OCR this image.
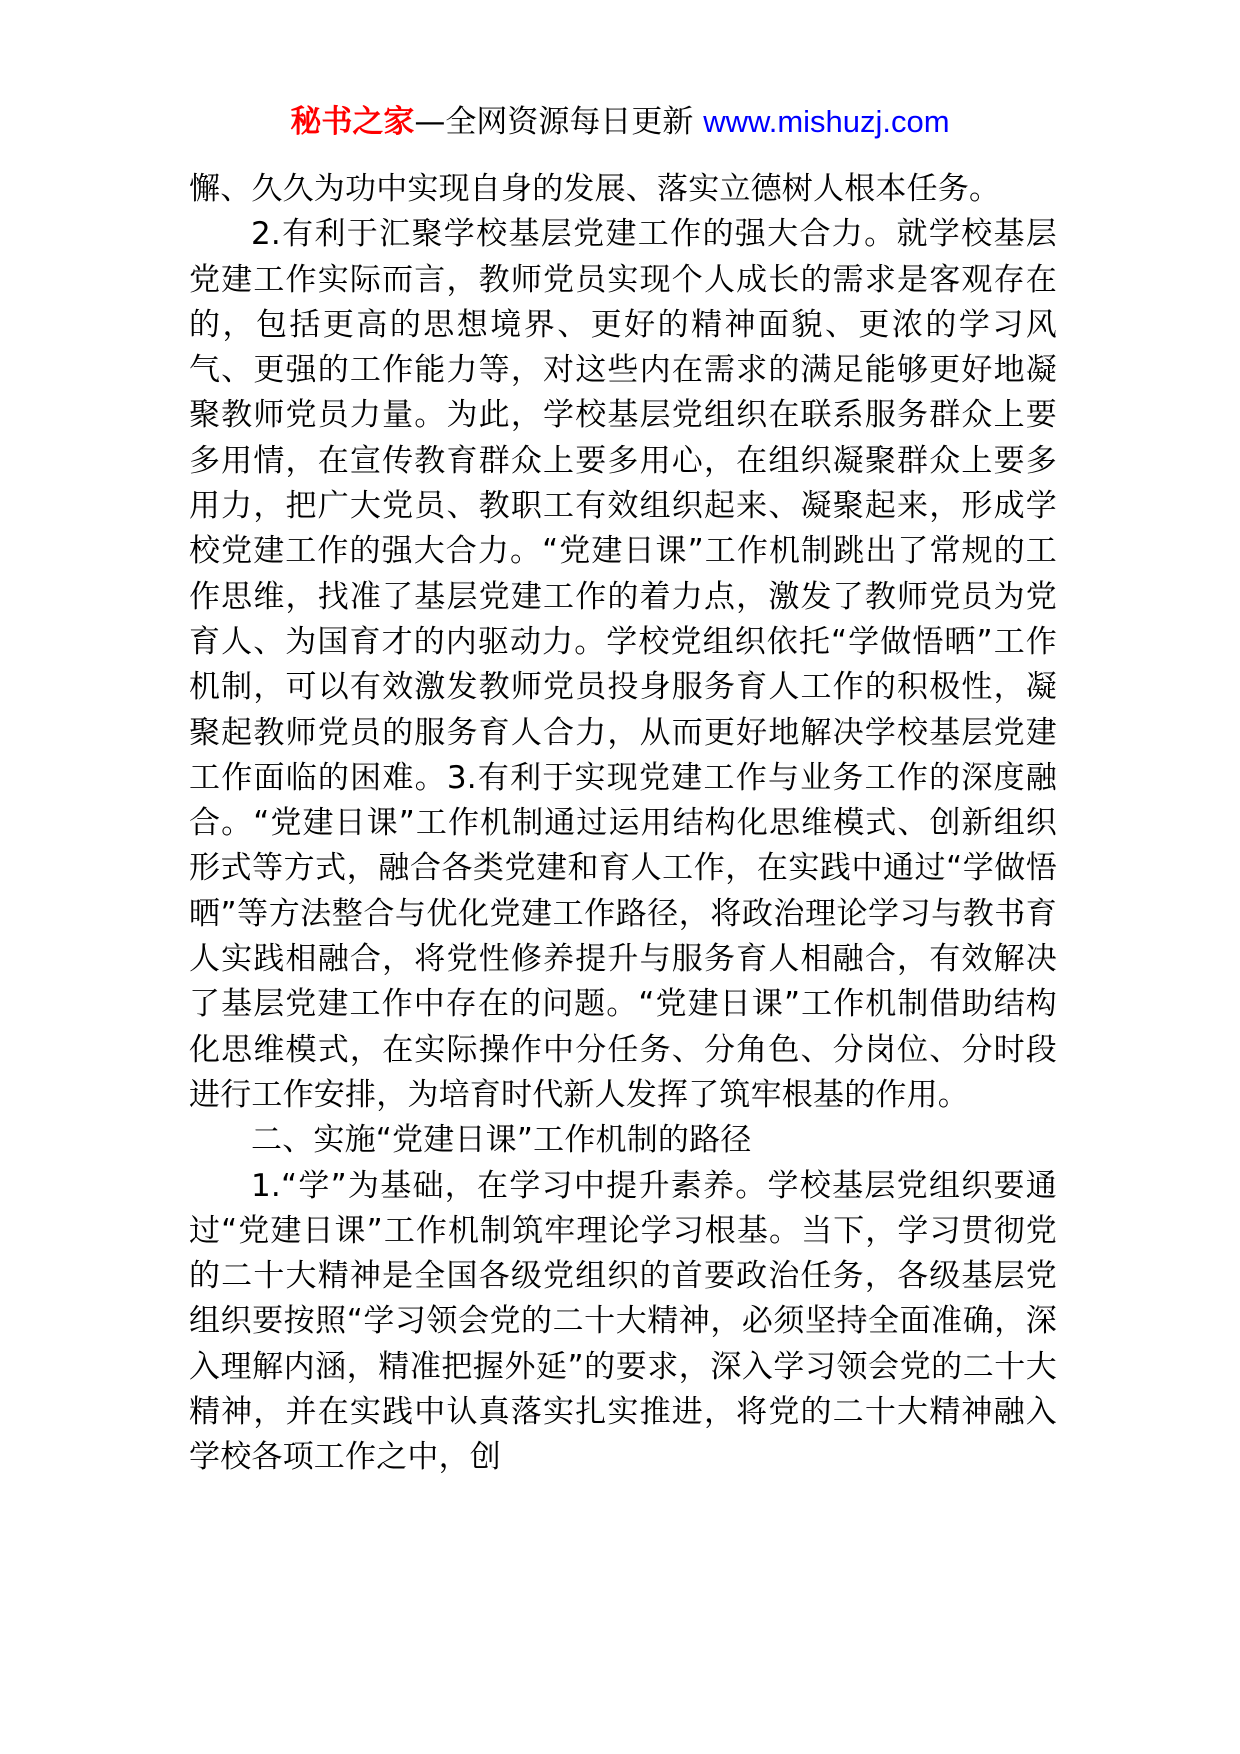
秘书之家—全网资源每日更新 www.mishuzj.com

懈、久久为功中实现自身的发展、落实立德树人根本任务。

2.有利于汇聚学校基层党建工作的强大合力。就学校基层党建工作实际而言，教师党员实现个人成长的需求是客观存在的，包括更高的思想境界、更好的精神面貌、更浓的学习风气、更强的工作能力等，对这些内在需求的满足能够更好地凝聚教师党员力量。为此，学校基层党组织在联系服务群众上要多用情，在宣传教育群众上要多用心，在组织凝聚群众上要多用力，把广大党员、教职工有效组织起来、凝聚起来，形成学校党建工作的强大合力。“党建日课”工作机制跳出了常规的工作思维，找准了基层党建工作的着力点，激发了教师党员为党育人、为国育才的内驱动力。学校党组织依托“学做悟晒”工作机制，可以有效激发教师党员投身服务育人工作的积极性，凝聚起教师党员的服务育人合力，从而更好地解决学校基层党建工作面临的困难。3.有利于实现党建工作与业务工作的深度融合。“党建日课”工作机制通过运用结构化思维模式、创新组织形式等方式，融合各类党建和育人工作，在实践中通过“学做悟晒”等方法整合与优化党建工作路径，将政治理论学习与教书育人实践相融合，将党性修养提升与服务育人相融合，有效解决了基层党建工作中存在的问题。“党建日课”工作机制借助结构化思维模式，在实际操作中分任务、分角色、分岗位、分时段进行工作安排，为培育时代新人发挥了筑牢根基的作用。

二、实施“党建日课”工作机制的路径

1.“学”为基础，在学习中提升素养。学校基层党组织要通过“党建日课”工作机制筑牢理论学习根基。当下，学习贯彻党的二十大精神是全国各级党组织的首要政治任务，各级基层党组织要按照“学习领会党的二十大精神，必须坚持全面准确，深入理解内涵，精准把握外延”的要求，深入学习领会党的二十大精神，并在实践中认真落实扎实推进，将党的二十大精神融入学校各项工作之中，创
